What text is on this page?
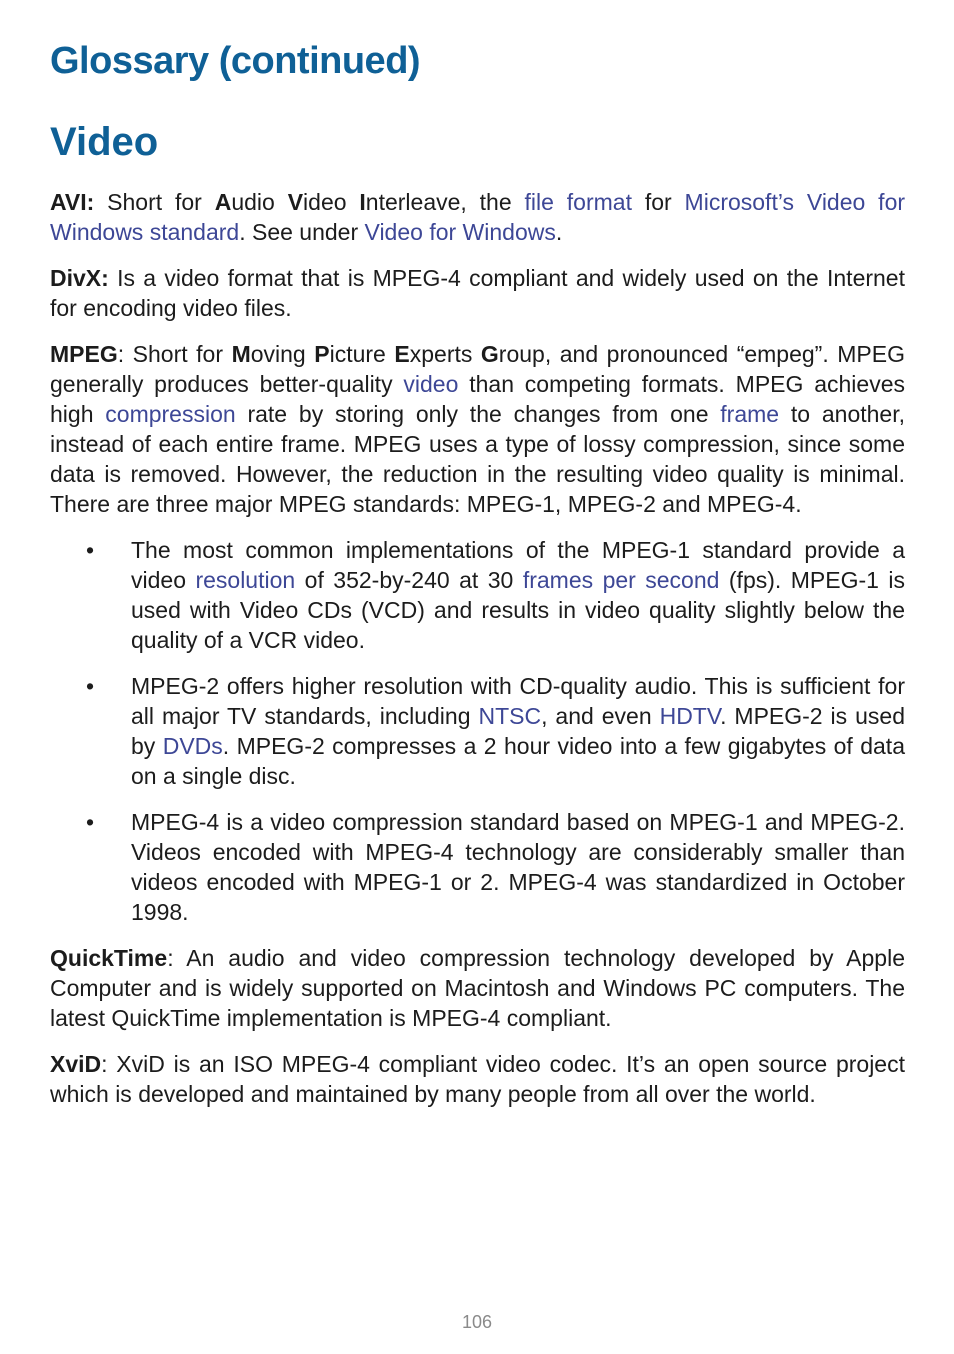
Glossary (continued)
Video

AVI: Short for Audio Video Interleave, the file format for Microsoft’s Video for Windows standard. See under Video for Windows.

DivX: Is a video format that is MPEG-4 compliant and widely used on the Internet for encoding video files.

MPEG: Short for Moving Picture Experts Group, and pronounced “empeg”. MPEG generally produces better-quality video than competing formats. MPEG achieves high compression rate by storing only the changes from one frame to another, instead of each entire frame. MPEG uses a type of lossy compression, since some data is removed. However, the reduction in the resulting video quality is minimal. There are three major MPEG standards: MPEG-1, MPEG-2 and MPEG-4.

• The most common implementations of the MPEG-1 standard provide a video resolution of 352-by-240 at 30 frames per second (fps). MPEG-1 is used with Video CDs (VCD) and results in video quality slightly below the quality of a VCR video.
• MPEG-2 offers higher resolution with CD-quality audio. This is sufficient for all major TV standards, including NTSC, and even HDTV. MPEG-2 is used by DVDs. MPEG-2 compresses a 2 hour video into a few gigabytes of data on a single disc.
• MPEG-4 is a video compression standard based on MPEG-1 and MPEG-2. Videos encoded with MPEG-4 technology are considerably smaller than videos encoded with MPEG-1 or 2. MPEG-4 was standardized in October 1998.

QuickTime: An audio and video compression technology developed by Apple Computer and is widely supported on Macintosh and Windows PC computers. The latest QuickTime implementation is MPEG-4 compliant.

XviD: XviD is an ISO MPEG-4 compliant video codec. It’s an open source project which is developed and maintained by many people from all over the world.

106
